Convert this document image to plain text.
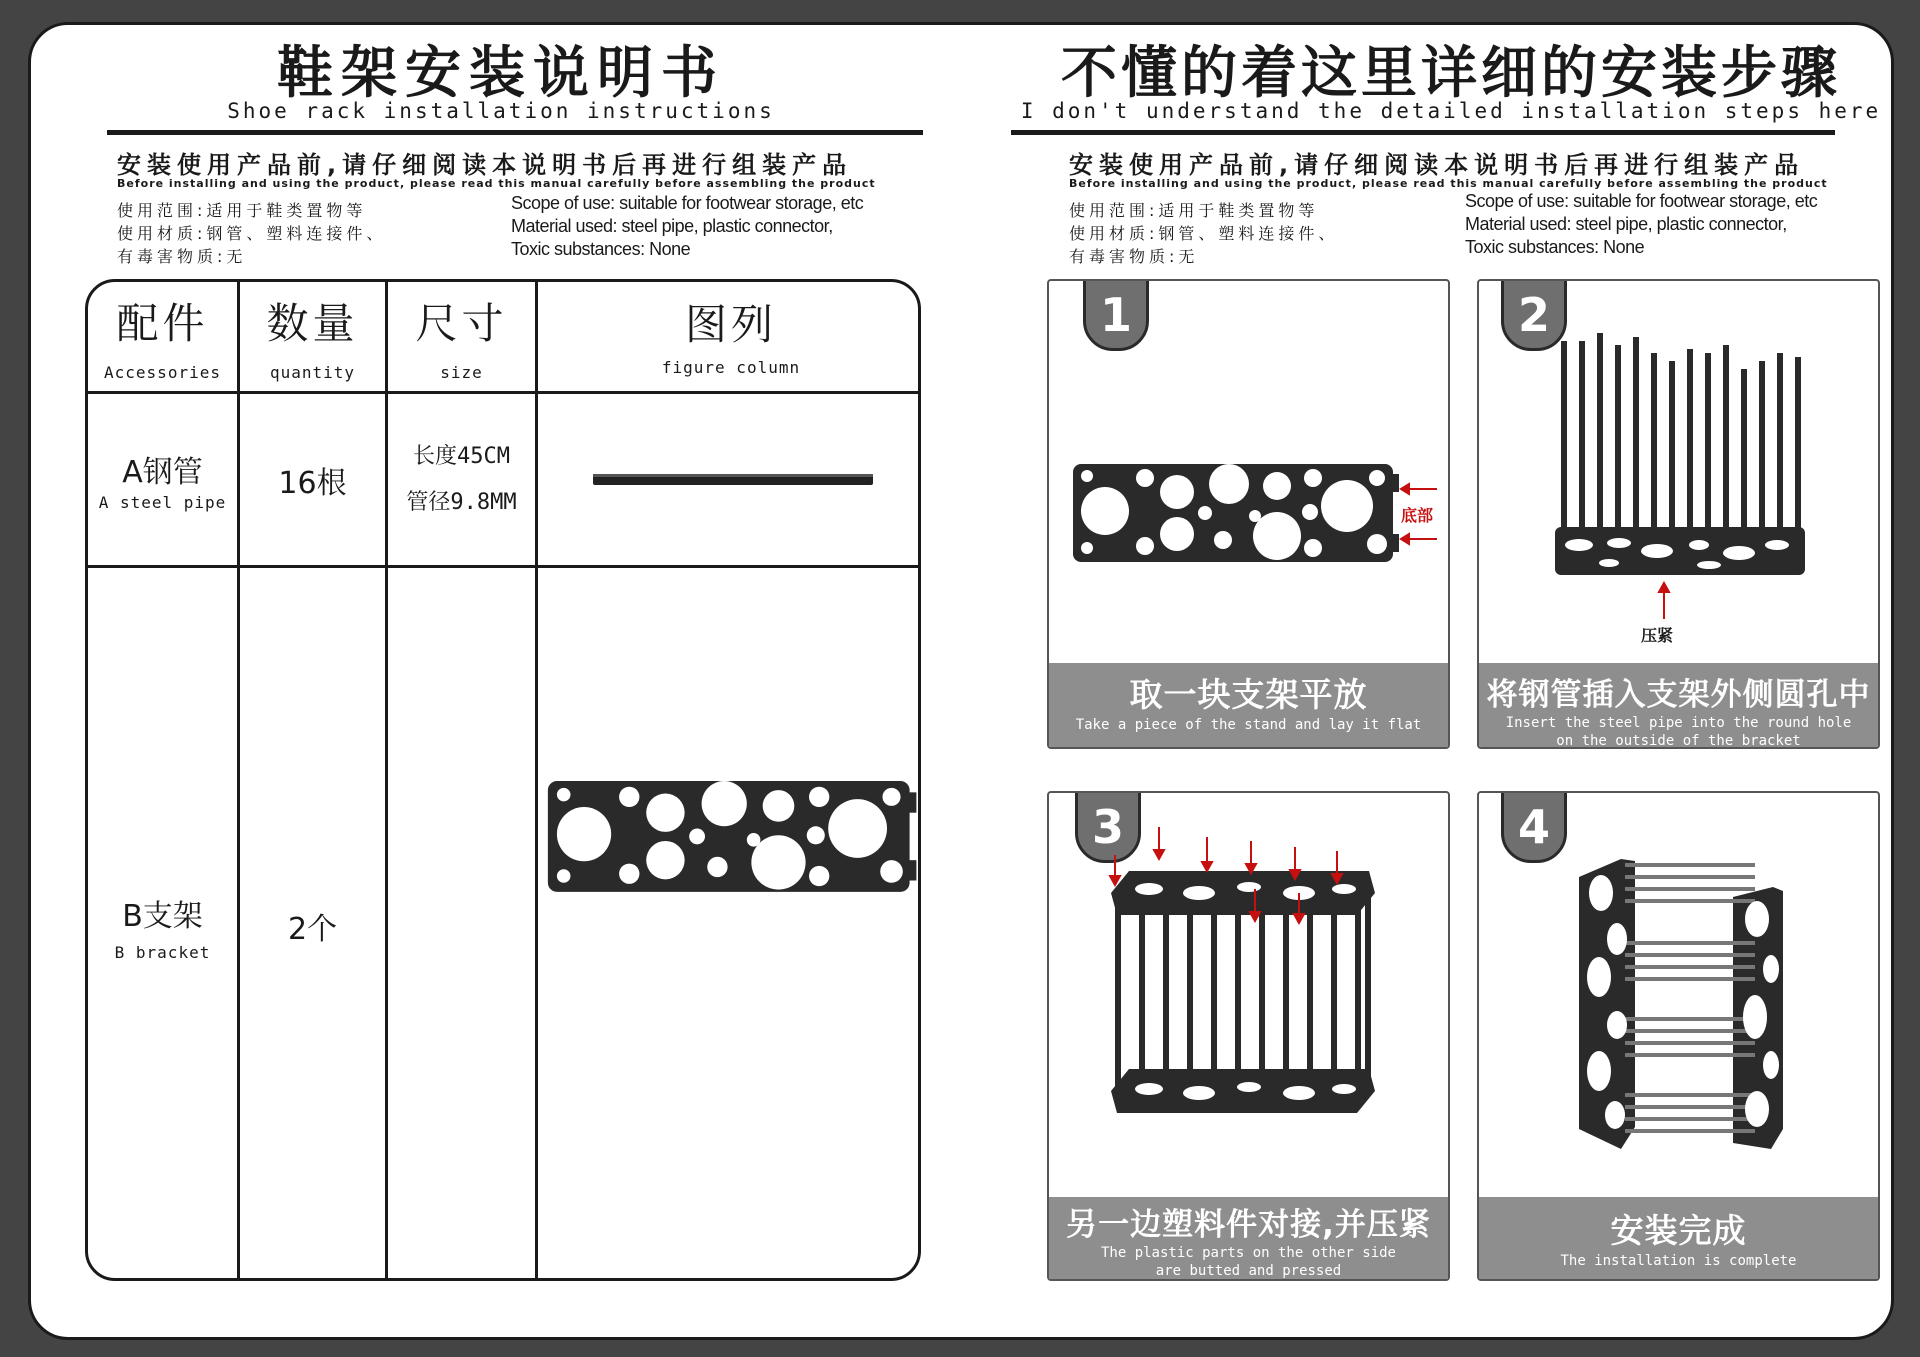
鞋架安装说明书
Shoe rack installation instructions
安装使用产品前,请仔细阅读本说明书后再进行组装产品
Before installing and using the product, please read this manual carefully before assembling the product
使用范围:适用于鞋类置物等
使用材质:钢管、塑料连接件、
有毒害物质:无
Scope of use: suitable for footwear storage, etc
Material used: steel pipe, plastic connector,
Toxic substances: None
配件
Accessories
数量
quantity
尺寸
size
图列
figure column
A钢管
A steel pipe
16根
长度45CM
管径9.8MM
B支架
B bracket
2个
不懂的着这里详细的安装步骤
I don't understand the detailed installation steps here
安装使用产品前,请仔细阅读本说明书后再进行组装产品
Before installing and using the product, please read this manual carefully before assembling the product
使用范围:适用于鞋类置物等
使用材质:钢管、塑料连接件、
有毒害物质:无
Scope of use: suitable for footwear storage, etc
Material used: steel pipe, plastic connector,
Toxic substances: None
1
底部
取一块支架平放
Take a piece of the stand and lay it flat
2
压紧
将钢管插入支架外侧圆孔中
Insert the steel pipe into the round hole
on the outside of the bracket
3
另一边塑料件对接,并压紧
The plastic parts on the other side
are butted and pressed
4
安装完成
The installation is complete
